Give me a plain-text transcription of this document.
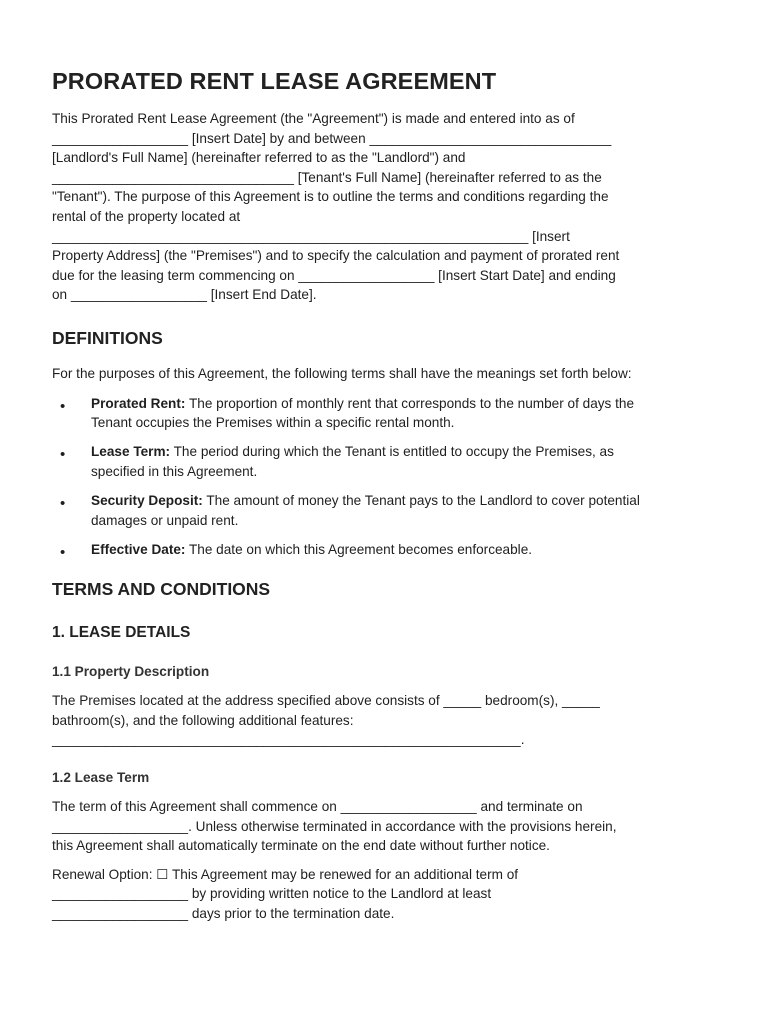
PRORATED RENT LEASE AGREEMENT

This Prorated Rent Lease Agreement (the "Agreement") is made and entered into as of
__________________ [Insert Date] by and between ________________________________
[Landlord's Full Name] (hereinafter referred to as the "Landlord") and
________________________________ [Tenant's Full Name] (hereinafter referred to as the
"Tenant"). The purpose of this Agreement is to outline the terms and conditions regarding the
rental of the property located at
_______________________________________________________________ [Insert
Property Address] (the "Premises") and to specify the calculation and payment of prorated rent
due for the leasing term commencing on __________________ [Insert Start Date] and ending
on __________________ [Insert End Date].

DEFINITIONS

For the purposes of this Agreement, the following terms shall have the meanings set forth below:

• Prorated Rent: The proportion of monthly rent that corresponds to the number of days the
Tenant occupies the Premises within a specific rental month.
• Lease Term: The period during which the Tenant is entitled to occupy the Premises, as
specified in this Agreement.
• Security Deposit: The amount of money the Tenant pays to the Landlord to cover potential
damages or unpaid rent.
• Effective Date: The date on which this Agreement becomes enforceable.
TERMS AND CONDITIONS
1. LEASE DETAILS
1.1 Property Description

The Premises located at the address specified above consists of _____ bedroom(s), _____
bathroom(s), and the following additional features:
______________________________________________________________.

1.2 Lease Term

The term of this Agreement shall commence on __________________ and terminate on
__________________. Unless otherwise terminated in accordance with the provisions herein,
this Agreement shall automatically terminate on the end date without further notice.

Renewal Option: ☐ This Agreement may be renewed for an additional term of
__________________ by providing written notice to the Landlord at least
__________________ days prior to the termination date.
